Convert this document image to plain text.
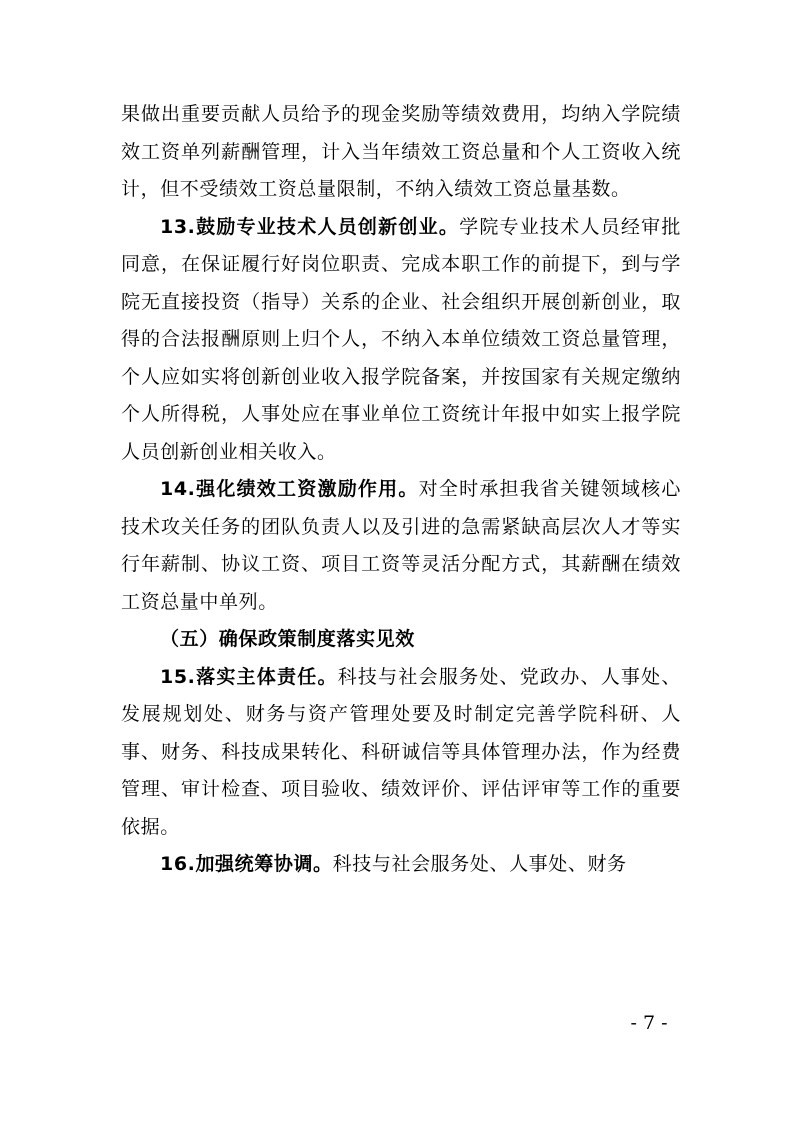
果做出重要贡献人员给予的现金奖励等绩效费用，均纳入学院绩效工资单列薪酬管理，计入当年绩效工资总量和个人工资收入统计，但不受绩效工资总量限制，不纳入绩效工资总量基数。

13.鼓励专业技术人员创新创业。学院专业技术人员经审批同意，在保证履行好岗位职责、完成本职工作的前提下，到与学院无直接投资（指导）关系的企业、社会组织开展创新创业，取得的合法报酬原则上归个人，不纳入本单位绩效工资总量管理，个人应如实将创新创业收入报学院备案，并按国家有关规定缴纳个人所得税，人事处应在事业单位工资统计年报中如实上报学院人员创新创业相关收入。

14.强化绩效工资激励作用。对全时承担我省关键领域核心技术攻关任务的团队负责人以及引进的急需紧缺高层次人才等实行年薪制、协议工资、项目工资等灵活分配方式，其薪酬在绩效工资总量中单列。

（五）确保政策制度落实见效

15.落实主体责任。科技与社会服务处、党政办、人事处、发展规划处、财务与资产管理处要及时制定完善学院科研、人事、财务、科技成果转化、科研诚信等具体管理办法，作为经费管理、审计检查、项目验收、绩效评价、评估评审等工作的重要依据。

16.加强统筹协调。科技与社会服务处、人事处、财务

- 7 -
